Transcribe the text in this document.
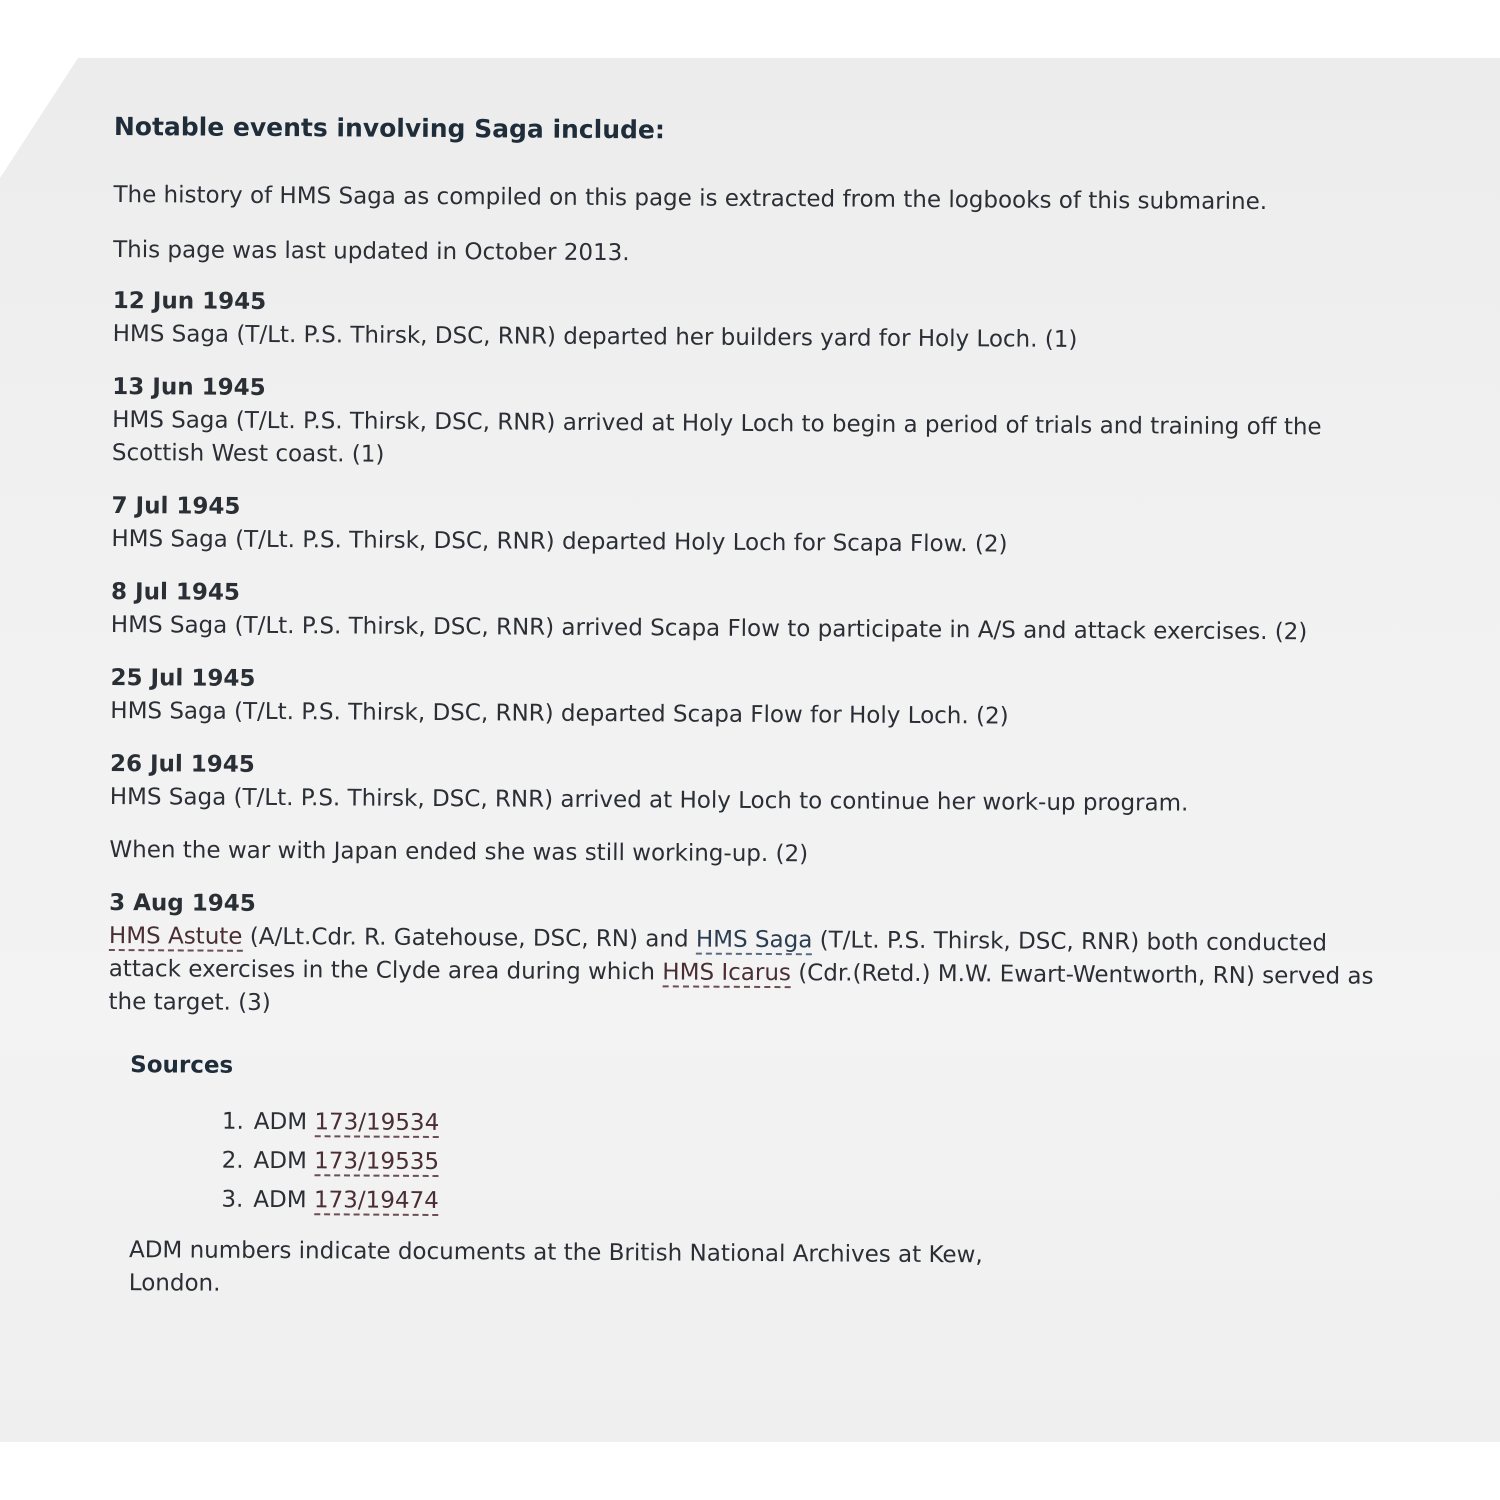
Notable events involving Saga include:

The history of HMS Saga as compiled on this page is extracted from the logbooks of this submarine.

This page was last updated in October 2013.

12 Jun 1945

HMS Saga (T/Lt. P.S. Thirsk, DSC, RNR) departed her builders yard for Holy Loch. (1)

13 Jun 1945

HMS Saga (T/Lt. P.S. Thirsk, DSC, RNR) arrived at Holy Loch to begin a period of trials and training off the Scottish West coast. (1)

7 Jul 1945

HMS Saga (T/Lt. P.S. Thirsk, DSC, RNR) departed Holy Loch for Scapa Flow. (2)

8 Jul 1945

HMS Saga (T/Lt. P.S. Thirsk, DSC, RNR) arrived Scapa Flow to participate in A/S and attack exercises. (2)

25 Jul 1945

HMS Saga (T/Lt. P.S. Thirsk, DSC, RNR) departed Scapa Flow for Holy Loch. (2)

26 Jul 1945

HMS Saga (T/Lt. P.S. Thirsk, DSC, RNR) arrived at Holy Loch to continue her work-up program.

When the war with Japan ended she was still working-up. (2)

3 Aug 1945

HMS Astute (A/Lt.Cdr. R. Gatehouse, DSC, RN) and HMS Saga (T/Lt. P.S. Thirsk, DSC, RNR) both conducted attack exercises in the Clyde area during which HMS Icarus (Cdr.(Retd.) M.W. Ewart-Wentworth, RN) served as the target. (3)

Sources
1. ADM 173/19534
2. ADM 173/19535
3. ADM 173/19474

ADM numbers indicate documents at the British National Archives at Kew, London.
